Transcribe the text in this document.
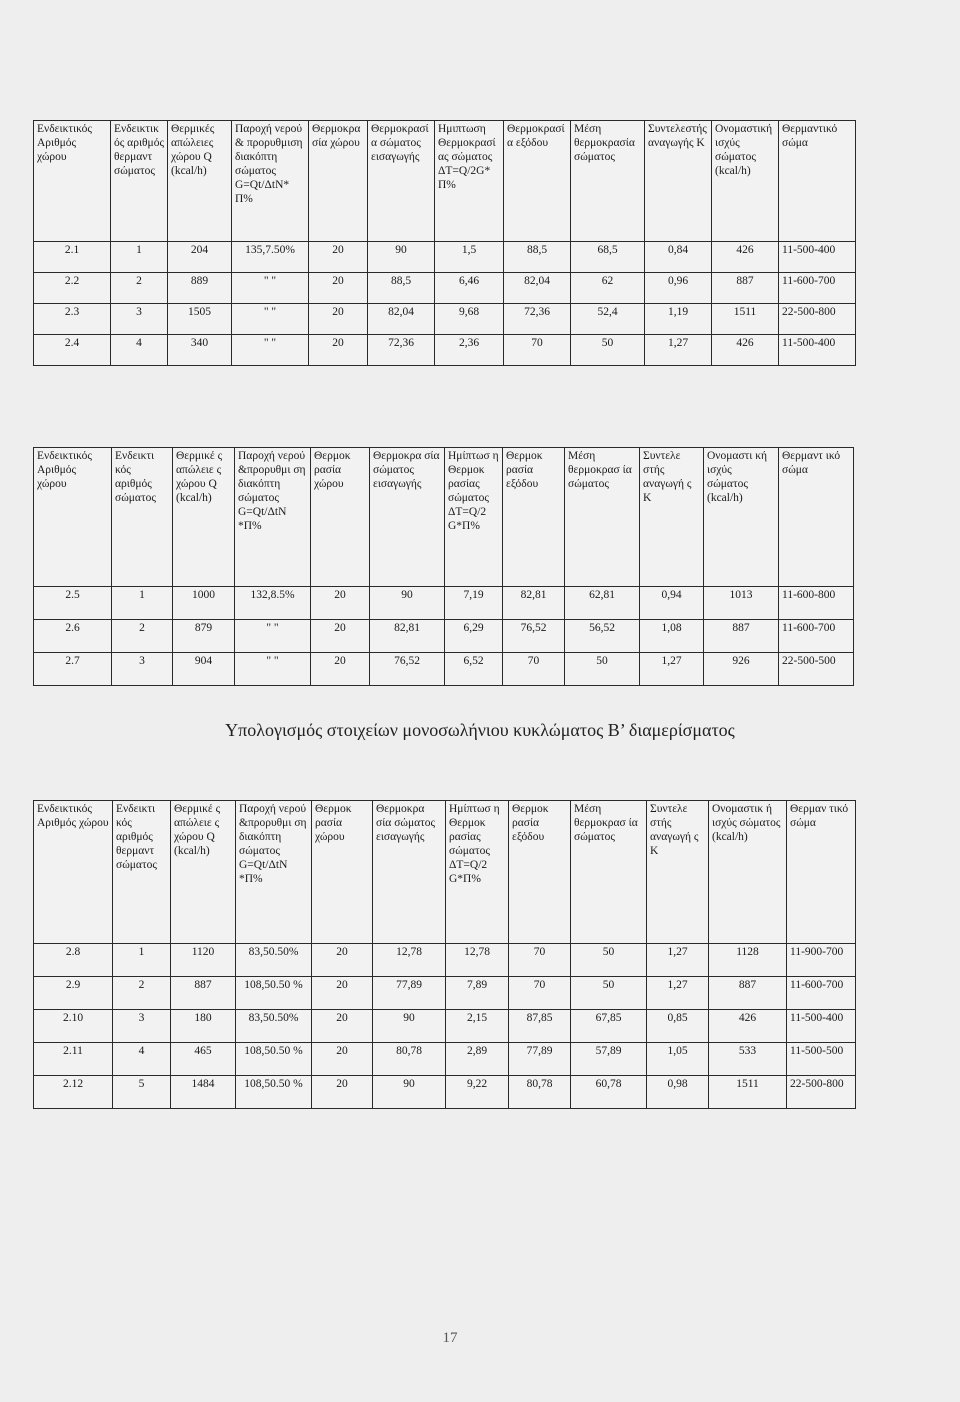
Ενδεικτικός Αριθμός χώρου	Ενδεικτικός αριθμός θερμαντ σώματος	Θερμικές απώλειες χώρου Q (kcal/h)	Παροχή νερού & προρυθμιση διακόπτη σώματος G=Qt/ΔtN* Π%	Θερμοκρασία χώρου	Θερμοκρασία σώματος εισαγωγής	Ημιπτωση Θερμοκρασίας σώματος ΔT=Q/2G* Π%	Θερμοκρασία εξόδου	Μέση θερμοκρασία σώματος	Συντελεστής αναγωγής K	Ονομαστική ισχύς σώματος (kcal/h)	Θερμαντικό σώμα
2.1	1	204	135,7.50%	20	90	1,5	88,5	68,5	0,84	426	11-500-400
2.2	2	889	" "	20	88,5	6,46	82,04	62	0,96	887	11-600-700
2.3	3	1505	" "	20	82,04	9,68	72,36	52,4	1,19	1511	22-500-800
2.4	4	340	" "	20	72,36	2,36	70	50	1,27	426	11-500-400
Ενδεικτικός Αριθμός χώρου	Ενδεικτι κός αριθμός σώματος	Θερμικέ ς απώλειε ς χώρου Q (kcal/h)	Παροχή νερού &προρυθμι ση διακόπτη σώματος G=Qt/ΔtN *Π%	Θερμοκ ρασία χώρου	Θερμοκρα σία σώματος εισαγωγής	Ημίπτωσ η Θερμοκ ρασίας σώματος ΔT=Q/2 G*Π%	Θερμοκ ρασία εξόδου	Μέση θερμοκρασ ία σώματος	Συντελε στής αναγωγή ς K	Ονομαστι κή ισχύς σώματος (kcal/h)	Θερμαντ ικό σώμα
2.5	1	1000	132,8.5%	20	90	7,19	82,81	62,81	0,94	1013	11-600-800
2.6	2	879	" "	20	82,81	6,29	76,52	56,52	1,08	887	11-600-700
2.7	3	904	" "	20	76,52	6,52	70	50	1,27	926	22-500-500
Υπολογισμός στοιχείων μονοσωλήνιου κυκλώματος B’ διαμερίσματος
Ενδεικτικός Αριθμός χώρου	Ενδεικτι κός αριθμός θερμαντ σώματος	Θερμικέ ς απώλειε ς χώρου Q (kcal/h)	Παροχή νερού &προρυθμι ση διακόπτη σώματος G=Qt/ΔtN *Π%	Θερμοκ ρασία χώρου	Θερμοκρα σία σώματος εισαγωγής	Ημίπτωσ η Θερμοκ ρασίας σώματος ΔT=Q/2 G*Π%	Θερμοκ ρασία εξόδου	Μέση θερμοκρασ ία σώματος	Συντελε στής αναγωγή ς K	Ονομαστικ ή ισχύς σώματος (kcal/h)	Θερμαν τικό σώμα
2.8	1	1120	83,50.50%	20	12,78	12,78	70	50	1,27	1128	11-900-700
2.9	2	887	108,50.50 %	20	77,89	7,89	70	50	1,27	887	11-600-700
2.10	3	180	83,50.50%	20	90	2,15	87,85	67,85	0,85	426	11-500-400
2.11	4	465	108,50.50 %	20	80,78	2,89	77,89	57,89	1,05	533	11-500-500
2.12	5	1484	108,50.50 %	20	90	9,22	80,78	60,78	0,98	1511	22-500-800
17
